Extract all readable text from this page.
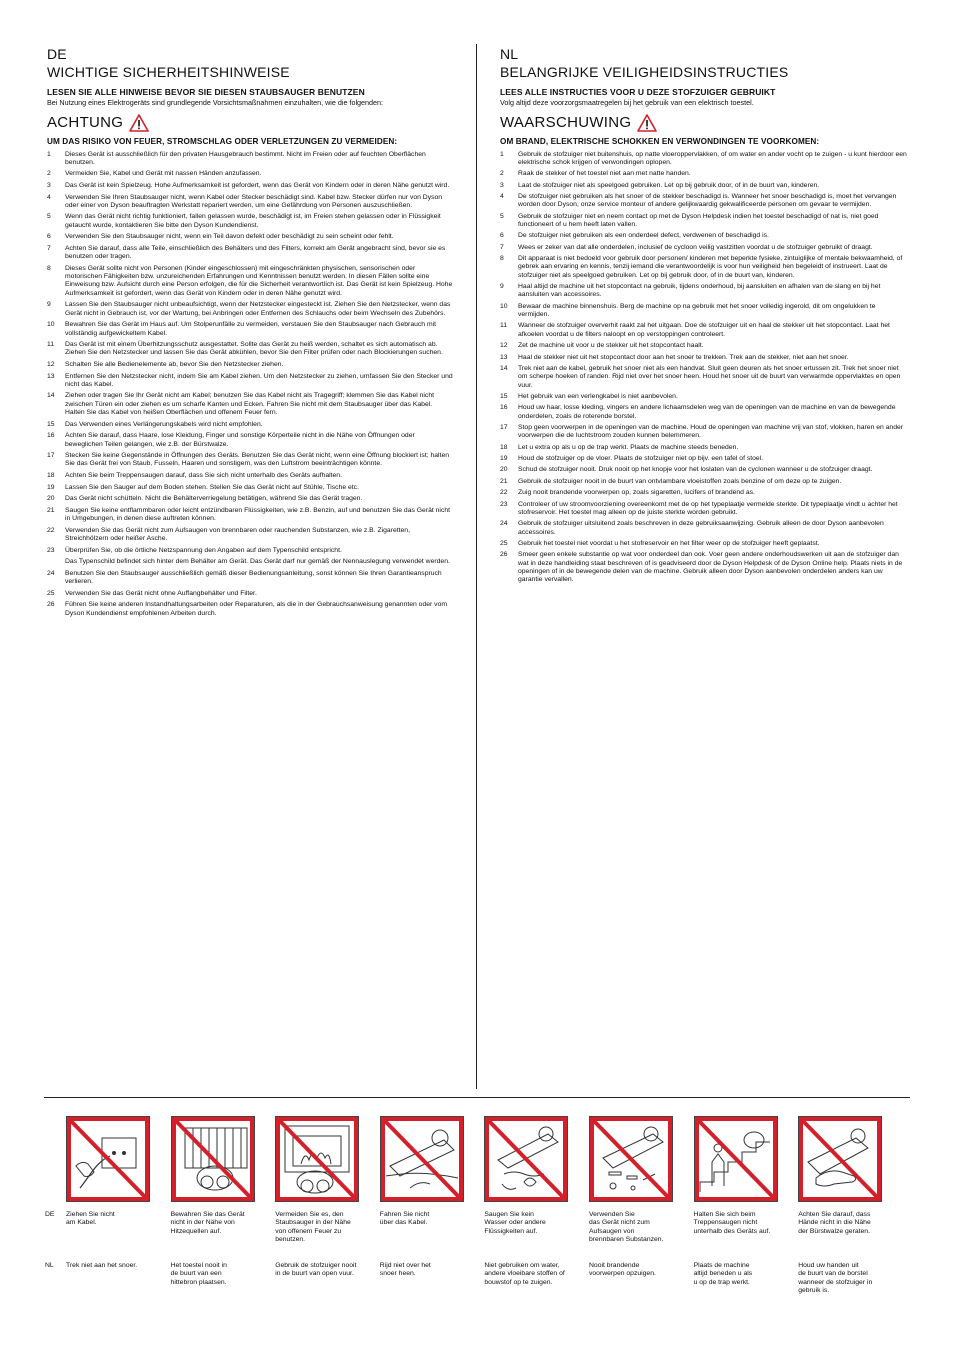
DE
WICHTIGE SICHERHEITSHINWEISE
LESEN SIE ALLE HINWEISE BEVOR SIE DIESEN STAUBSAUGER BENUTZEN
Bei Nutzung eines Elektrogeräts sind grundlegende Vorsichtsmaßnahmen einzuhalten, wie die folgenden:
ACHTUNG
UM DAS RISIKO VON FEUER, STROMSCHLAG ODER VERLETZUNGEN ZU VERMEIDEN:
1	Dieses Gerät ist ausschließlich für den privaten Hausgebrauch bestimmt. Nicht im Freien oder auf feuchten Oberflächen benutzen.
2	Vermeiden Sie, Kabel und Gerät mit nassen Händen anzufassen.
3	Das Gerät ist kein Spielzeug. Hohe Aufmerksamkeit ist gefordert, wenn das Gerät von Kindern oder in deren Nähe genutzt wird.
4	Verwenden Sie Ihren Staubsauger nicht, wenn Kabel oder Stecker beschädigt sind. Kabel bzw. Stecker dürfen nur von Dyson oder einer von Dyson beauftragten Werkstatt repariert werden, um eine Gefährdung von Personen auszuschließen.
5	Wenn das Gerät nicht richtig funktioniert, fallen gelassen wurde, beschädigt ist, im Freien stehen gelassen oder in Flüssigkeit getaucht wurde, kontaktieren Sie bitte den Dyson Kundendienst.
6	Verwenden Sie den Staubsauger nicht, wenn ein Teil davon defekt oder beschädigt zu sein scheint oder fehlt.
7	Achten Sie darauf, dass alle Teile, einschließlich des Behälters und des Filters, korrekt am Gerät angebracht sind, bevor sie es benutzen oder tragen.
8	Dieses Gerät sollte nicht von Personen (Kinder eingeschlossen) mit eingeschränkten physischen, sensorischen oder motorischen Fähigkeiten bzw. unzureichenden Erfahrungen und Kenntnissen benutzt werden. In diesen Fällen sollte eine Einweisung bzw. Aufsicht durch eine Person erfolgen, die für die Sicherheit verantwortlich ist. Das Gerät ist kein Spielzeug. Hohe Aufmerksamkeit ist gefordert, wenn das Gerät von Kindern oder in deren Nähe genutzt wird.
9	Lassen Sie den Staubsauger nicht unbeaufsichtigt, wenn der Netzstecker eingesteckt ist. Ziehen Sie den Netzstecker, wenn das Gerät nicht in Gebrauch ist, vor der Wartung, bei Anbringen oder Entfernen des Schlauchs oder beim Wechseln des Zubehörs.
10	Bewahren Sie das Gerät im Haus auf. Um Stolperunfälle zu vermeiden, verstauen Sie den Staubsauger nach Gebrauch mit vollständig aufgewickeltem Kabel.
11	Das Gerät ist mit einem Überhitzungsschutz ausgestattet. Sollte das Gerät zu heiß werden, schaltet es sich automatisch ab. Ziehen Sie den Netzstecker und lassen Sie das Gerät abkühlen, bevor Sie den Filter prüfen oder nach Blockierungen suchen.
12	Schalten Sie alle Bedienelemente ab, bevor Sie den Netzstecker ziehen.
13	Entfernen Sie den Netzstecker nicht, indem Sie am Kabel ziehen. Um den Netzstecker zu ziehen, umfassen Sie den Stecker und nicht das Kabel.
14	Ziehen oder tragen Sie Ihr Gerät nicht am Kabel; benutzen Sie das Kabel nicht als Tragegriff; klemmen Sie das Kabel nicht zwischen Türen ein oder ziehen es um scharfe Kanten und Ecken. Fahren Sie nicht mit dem Staubsauger über das Kabel. Halten Sie das Kabel von heißen Oberflächen und offenem Feuer fern.
15	Das Verwenden eines Verlängerungskabels wird nicht empfohlen.
16	Achten Sie darauf, dass Haare, lose Kleidung, Finger und sonstige Körperteile nicht in die Nähe von Öffnungen oder beweglichen Teilen gelangen, wie z.B. der Bürstwalze.
17	Stecken Sie keine Gegenstände in Öffnungen des Geräts. Benutzen Sie das Gerät nicht, wenn eine Öffnung blockiert ist; halten Sie das Gerät frei von Staub, Fusseln, Haaren und sonstigem, was den Luftstrom beeinträchtigen könnte.
18	Achten Sie beim Treppensaugen darauf, dass Sie sich nicht unterhalb des Geräts aufhalten.
19	Lassen Sie den Sauger auf dem Boden stehen. Stellen Sie das Gerät nicht auf Stühle, Tische etc.
20	Das Gerät nicht schütteln. Nicht die Behälterverriegelung betätigen, während Sie das Gerät tragen.
21	Saugen Sie keine entflammbaren oder leicht entzündbaren Flüssigkeiten, wie z.B. Benzin, auf und benutzen Sie das Gerät nicht in Umgebungen, in denen diese auftreten können.
22	Verwenden Sie das Gerät nicht zum Aufsaugen von brennbaren oder rauchenden Substanzen, wie z.B. Zigaretten, Streichhölzern oder heißer Asche.
23	Überprüfen Sie, ob die örtliche Netzspannung den Angaben auf dem Typenschild entspricht.
Das Typenschild befindet sich hinter dem Behälter am Gerät. Das Gerät darf nur gemäß der Nennauslegung verwendet werden.
24	Benutzen Sie den Staubsauger ausschließlich gemäß dieser Bedienungsanleitung, sonst können Sie Ihren Garantieanspruch verlieren.
25	Verwenden Sie das Gerät nicht ohne Auffangbehälter und Filter.
26	Führen Sie keine anderen Instandhaltungsarbeiten oder Reparaturen, als die in der Gebrauchsanweisung genannten oder vom Dyson Kundendienst empfohlenen Arbeiten durch.
NL
BELANGRIJKE VEILIGHEIDSINSTRUCTIES
LEES ALLE INSTRUCTIES VOOR U DEZE STOFZUIGER GEBRUIKT
Volg altijd deze voorzorgsmaatregelen bij het gebruik van een elektrisch toestel.
WAARSCHUWING
OM BRAND, ELEKTRISCHE SCHOKKEN EN VERWONDINGEN TE VOORKOMEN:
1	Gebruik de stofzuiger niet buitenshuis, op natte vloeroppervlakken, of om water en ander vocht op te zuigen - u kunt hierdoor een elektrische schok krijgen of verwondingen oplopen.
2	Raak de stekker of het toestel niet aan met natte handen.
3	Laat de stofzuiger niet als speelgoed gebruiken. Let op bij gebruik door, of in de buurt van, kinderen.
4	De stofzuiger niet gebruiken als het snoer of de stekker beschadigd is. Wanneer het snoer beschadigd is, moet het vervangen worden door Dyson, onze service monteur of andere gelijkwaardig gekwalificeerde personen om gevaar te vermijden.
5	Gebruik de stofzuiger niet en neem contact op met de Dyson Helpdesk indien het toestel beschadigd of nat is, niet goed functioneert of u hem heeft laten vallen.
6	De stofzuiger niet gebruiken als een onderdeel defect, verdwenen of beschadigd is.
7	Wees er zeker van dat alle onderdelen, inclusief de cycloon veilig vastzitten voordat u de stofzuiger gebruikt of draagt.
8	Dit apparaat is niet bedoeld voor gebruik door personen/ kinderen met beperkte fysieke, zintuiglijke of mentale bekwaamheid, of gebrek aan ervaring en kennis, tenzij iemand die verantwoordelijk is voor hun veiligheid hen begeleidt of instrueert. Laat de stofzuiger niet als speelgoed gebruiken. Let op bij gebruik door, of in de buurt van, kinderen.
9	Haal altijd de machine uit het stopcontact na gebruik, tijdens onderhoud, bij aansluiten en afhalen van de slang en bij het aansluiten van accessoires.
10	Bewaar de machine binnenshuis. Berg de machine op na gebruik met het snoer volledig ingerold, dit om ongelukken te vermijden.
11	Wanneer de stofzuiger oververhit raakt zal het uitgaan. Doe de stofzuiger uit en haal de stekker uit het stopcontact. Laat het afkoelen voordat u de filters naloopt en op verstoppingen controleert.
12	Zet de machine uit voor u de stekker uit het stopcontact haalt.
13	Haal de stekker niet uit het stopcontact door aan het snoer te trekken. Trek aan de stekker, niet aan het snoer.
14	Trek niet aan de kabel, gebruik het snoer niet als een handvat. Sluit geen deuren als het snoer ertussen zit. Trek het snoer niet om scherpe hoeken of randen. Rijd niet over het snoer heen. Houd het snoer uit de buurt van verwarmde oppervlaktes en open vuur.
15	Het gebruik van een verlengkabel is niet aanbevolen.
16	Houd uw haar, losse kleding, vingers en andere lichaamsdelen weg van de openingen van de machine en van de bewegende onderdelen, zoals de roterende borstel.
17	Stop geen voorwerpen in de openingen van de machine. Houd de openingen van machine vrij van stof, vlokken, haren en ander voorwerpen die de luchtstroom zouden kunnen belemmeren.
18	Let u extra op als u op de trap werkt. Plaats de machine steeds beneden.
19	Houd de stofzuiger op de vloer. Plaats de stofzuiger niet op bijv. een tafel of stoel.
20	Schud de stofzuiger nooit. Druk nooit op het knopje voor het loslaten van de cyclonen wanneer u de stofzuiger draagt.
21	Gebruik de stofzuiger nooit in de buurt van ontvlambare vloeistoffen zoals benzine of om deze op te zuigen.
22	Zuig nooit brandende voorwerpen op, zoals sigaretten, lucifers of brandend as.
23	Controleer of uw stroomvoorziening overeenkomt met de op het typeplaatje vermelde sterkte. Dit typeplaatje vindt u achter het stofreservoir. Het toestel mag alleen op de juiste sterkte worden gebruikt.
24	Gebruik de stofzuiger uitsluitend zoals beschreven in deze gebruiksaanwijzing. Gebruik alleen de door Dyson aanbevolen accessoires.
25	Gebruik het toestel niet voordat u het stofreservoir en het filter weer op de stofzuiger heeft geplaatst.
26	Smeer geen enkele substantie op wat voor onderdeel dan ook. Voer geen andere onderhoudswerken uit aan de stofzuiger dan wat in deze handleiding staat beschreven of is geadviseerd door de Dyson Helpdesk of de Dyson Online help. Plaats niets in de openingen of in de bewegende delen van de machine. Gebruik alleen door Dyson aanbevolen onderdelen anders kan uw garantie vervallen.
DE
NL
Ziehen Sie nicht
am Kabel.
Trek niet aan het snoer.
Bewahren Sie das Gerät
nicht in der Nähe von
Hitzequellen auf.
Het toestel nooit in
de buurt van een
hittebron plaatsen.
Vermeiden Sie es, den
Staubsauger in der Nähe
von offenem Feuer zu
benutzen.
Gebruik de stofzuiger nooit
in de buurt van open vuur.
Fahren Sie nicht
über das Kabel.
Rijd niet over het
snoer heen.
Saugen Sie kein
Wasser oder andere
Flüssigkeiten auf.
Niet gebruiken om water,
andere vloeibare stoffen of
bouwstof op te zuigen.
Verwenden Sie
das Gerät nicht zum
Aufsaugen von
brennbaren Substanzen.
Nooit brandende
voorwerpen opzuigen.
Halten Sie sich beim
Treppensaugen nicht
unterhalb des Geräts auf.
Plaats de machine
altijd beneden u als
u op de trap werkt.
Achten Sie darauf, dass
Hände nicht in die Nähe
der Bürstwalze geraten.
Houd uw handen uit
de buurt van de borstel
wanneer de stofzuiger in
gebruik is.
